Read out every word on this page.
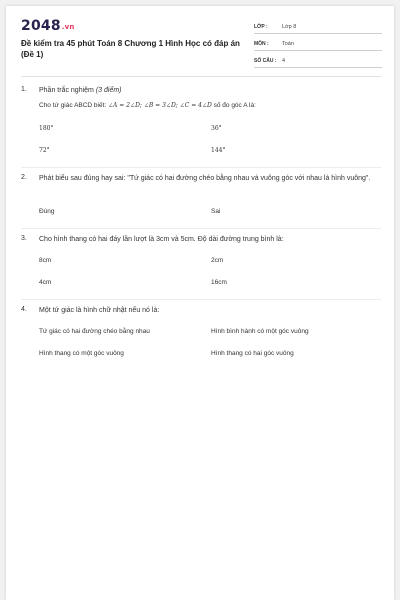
2048.vn
Đề kiểm tra 45 phút Toán 8 Chương 1 Hình Học có đáp án (Đề 1)
LỚP :	Lớp 8
MÔN :	Toán
SỐ CÂU :	4
1.	Phần trắc nghiệm (3 điểm)
Cho tứ giác ABCD biết: ∠A = 2∠D; ∠B = 3∠D; ∠C = 4∠D số đo góc A là:
180°	36°
72°	144°
2.	Phát biểu sau đúng hay sai: "Tứ giác có hai đường chéo bằng nhau và vuông góc với nhau là hình vuông".
Đúng	Sai
3.	Cho hình thang có hai đáy lần lượt là 3cm và 5cm. Độ dài đường trung bình là:
8cm	2cm
4cm	16cm
4.	Một tứ giác là hình chữ nhật nếu nó là:
Tứ giác có hai đường chéo bằng nhau	Hình bình hành có một góc vuông
Hình thang có một góc vuông	Hình thang có hai góc vuông
